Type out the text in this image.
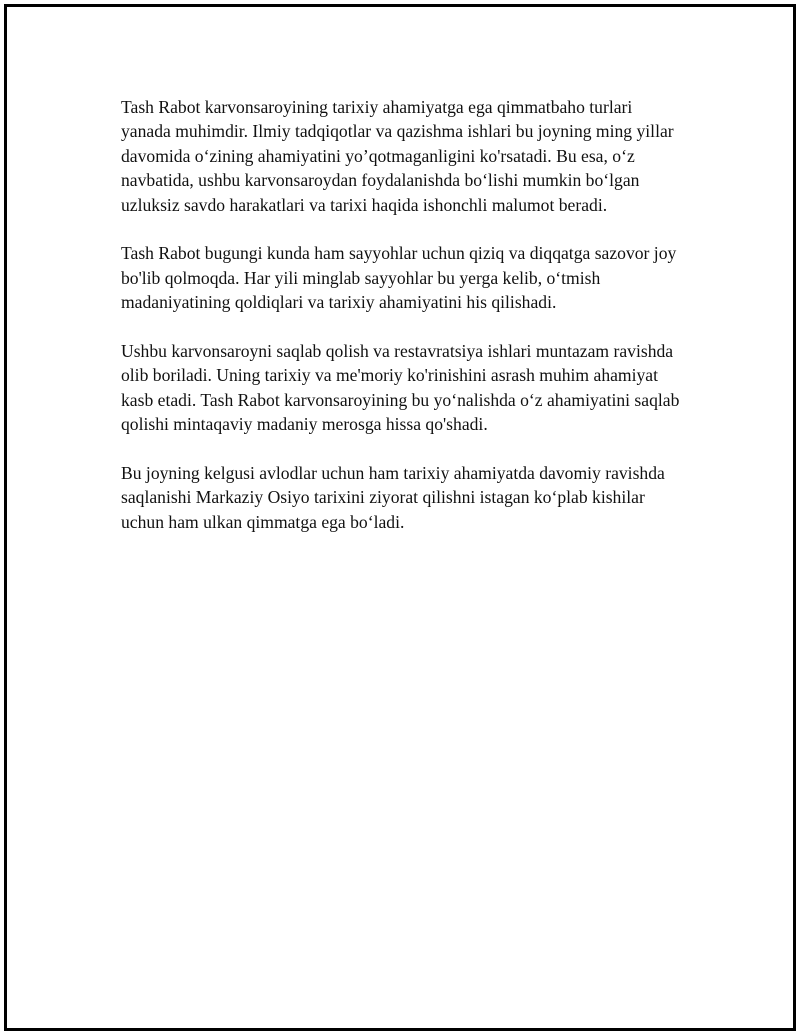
Tash Rabot karvonsaroyining tarixiy ahamiyatga ega qimmatbaho turlari yanada muhimdir. Ilmiy tadqiqotlar va qazishma ishlari bu joyning ming yillar davomida o‘zining ahamiyatini yo’qotmaganligini ko'rsatadi. Bu esa, o‘z navbatida, ushbu karvonsaroydan foydalanishda bo‘lishi mumkin bo‘lgan uzluksiz savdo harakatlari va tarixi haqida ishonchli malumot beradi.

Tash Rabot bugungi kunda ham sayyohlar uchun qiziq va diqqatga sazovor joy bo'lib qolmoqda. Har yili minglab sayyohlar bu yerga kelib, o‘tmish madaniyatining qoldiqlari va tarixiy ahamiyatini his qilishadi.

Ushbu karvonsaroyni saqlab qolish va restavratsiya ishlari muntazam ravishda olib boriladi. Uning tarixiy va me'moriy ko'rinishini asrash muhim ahamiyat kasb etadi. Tash Rabot karvonsaroyining bu yo‘nalishda o‘z ahamiyatini saqlab qolishi mintaqaviy madaniy merosga hissa qo'shadi.

Bu joyning kelgusi avlodlar uchun ham tarixiy ahamiyatda davomiy ravishda saqlanishi Markaziy Osiyo tarixini ziyorat qilishni istagan ko‘plab kishilar uchun ham ulkan qimmatga ega bo‘ladi.
